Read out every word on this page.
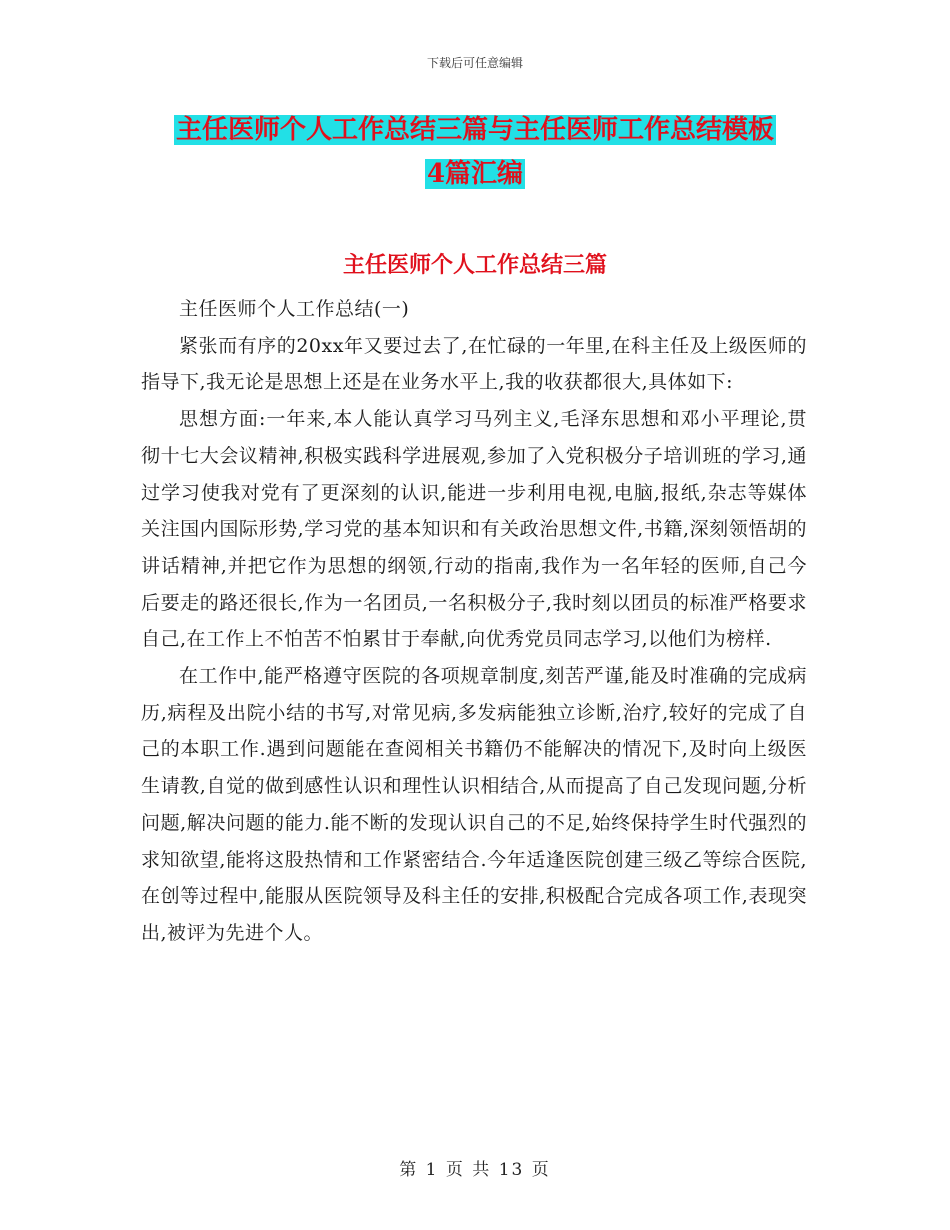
下载后可任意编辑
主任医师个人工作总结三篇与主任医师工作总结模板
4篇汇编
主任医师个人工作总结三篇

主任医师个人工作总结(一)

紧张而有序的20xx年又要过去了,在忙碌的一年里,在科主任及上级医师的指导下,我无论是思想上还是在业务水平上,我的收获都很大,具体如下:

思想方面:一年来,本人能认真学习马列主义,毛泽东思想和邓小平理论,贯彻十七大会议精神,积极实践科学进展观,参加了入党积极分子培训班的学习,通过学习使我对党有了更深刻的认识,能进一步利用电视,电脑,报纸,杂志等媒体关注国内国际形势,学习党的基本知识和有关政治思想文件,书籍,深刻领悟胡的讲话精神,并把它作为思想的纲领,行动的指南,我作为一名年轻的医师,自己今后要走的路还很长,作为一名团员,一名积极分子,我时刻以团员的标准严格要求自己,在工作上不怕苦不怕累甘于奉献,向优秀党员同志学习,以他们为榜样.

在工作中,能严格遵守医院的各项规章制度,刻苦严谨,能及时准确的完成病历,病程及出院小结的书写,对常见病,多发病能独立诊断,治疗,较好的完成了自己的本职工作.遇到问题能在查阅相关书籍仍不能解决的情况下,及时向上级医生请教,自觉的做到感性认识和理性认识相结合,从而提高了自己发现问题,分析问题,解决问题的能力.能不断的发现认识自己的不足,始终保持学生时代强烈的求知欲望,能将这股热情和工作紧密结合.今年适逢医院创建三级乙等综合医院,在创等过程中,能服从医院领导及科主任的安排,积极配合完成各项工作,表现突出,被评为先进个人。

第 1 页 共 13 页
